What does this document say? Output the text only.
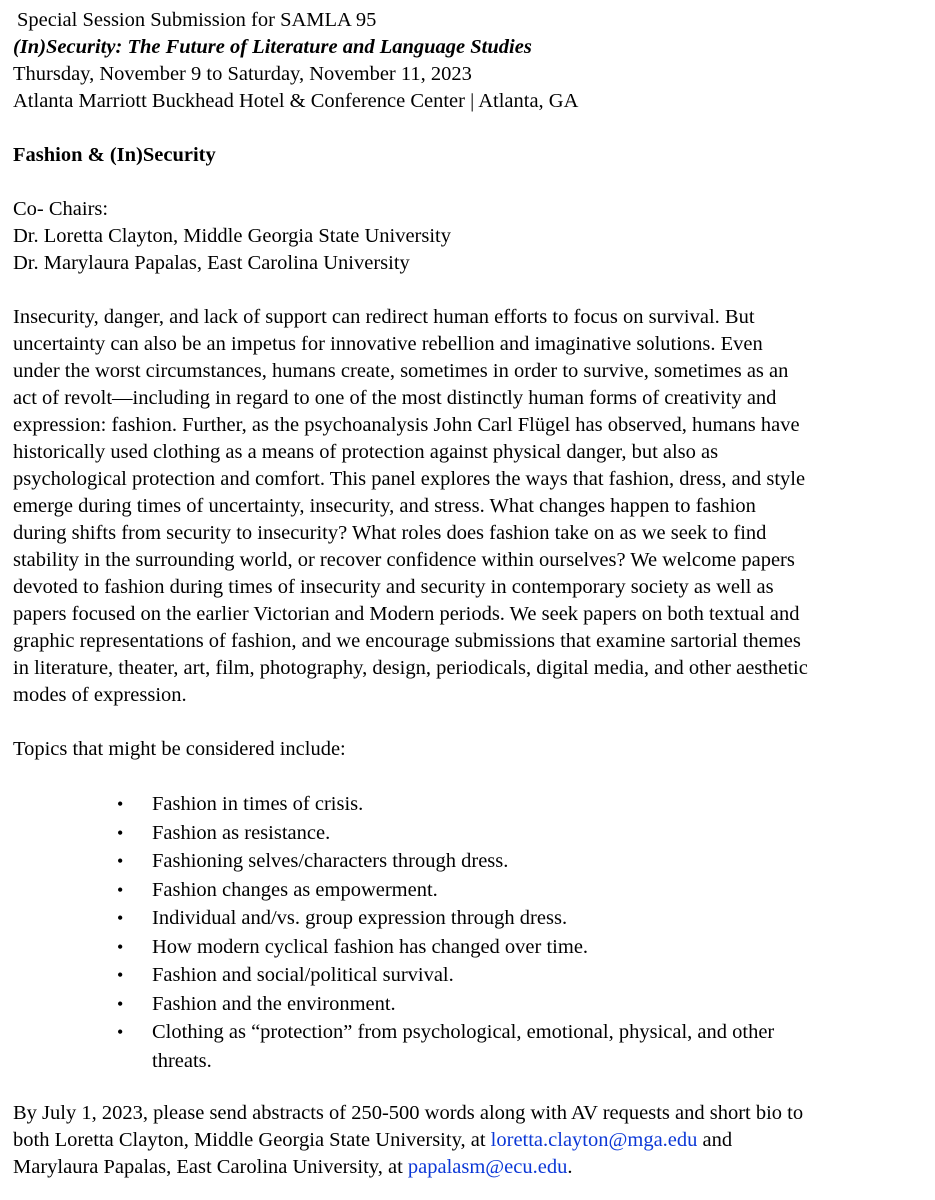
Special Session Submission for SAMLA 95
(In)Security: The Future of Literature and Language Studies
Thursday, November 9 to Saturday, November 11, 2023
Atlanta Marriott Buckhead Hotel & Conference Center | Atlanta, GA
Fashion & (In)Security
Co- Chairs:
Dr. Loretta Clayton, Middle Georgia State University
Dr. Marylaura Papalas, East Carolina University
Insecurity, danger, and lack of support can redirect human efforts to focus on survival. But
uncertainty can also be an impetus for innovative rebellion and imaginative solutions. Even
under the worst circumstances, humans create, sometimes in order to survive, sometimes as an
act of revolt—including in regard to one of the most distinctly human forms of creativity and
expression: fashion. Further, as the psychoanalysis John Carl Flügel has observed, humans have
historically used clothing as a means of protection against physical danger, but also as
psychological protection and comfort. This panel explores the ways that fashion, dress, and style
emerge during times of uncertainty, insecurity, and stress. What changes happen to fashion
during shifts from security to insecurity? What roles does fashion take on as we seek to find
stability in the surrounding world, or recover confidence within ourselves? We welcome papers
devoted to fashion during times of insecurity and security in contemporary society as well as
papers focused on the earlier Victorian and Modern periods. We seek papers on both textual and
graphic representations of fashion, and we encourage submissions that examine sartorial themes
in literature, theater, art, film, photography, design, periodicals, digital media, and other aesthetic
modes of expression.
Topics that might be considered include:
• Fashion in times of crisis.
• Fashion as resistance.
• Fashioning selves/characters through dress.
• Fashion changes as empowerment.
• Individual and/vs. group expression through dress.
• How modern cyclical fashion has changed over time.
• Fashion and social/political survival.
• Fashion and the environment.
• Clothing as “protection” from psychological, emotional, physical, and other
threats.
By July 1, 2023, please send abstracts of 250-500 words along with AV requests and short bio to
both Loretta Clayton, Middle Georgia State University, at loretta.clayton@mga.edu and
Marylaura Papalas, East Carolina University, at papalasm@ecu.edu.
